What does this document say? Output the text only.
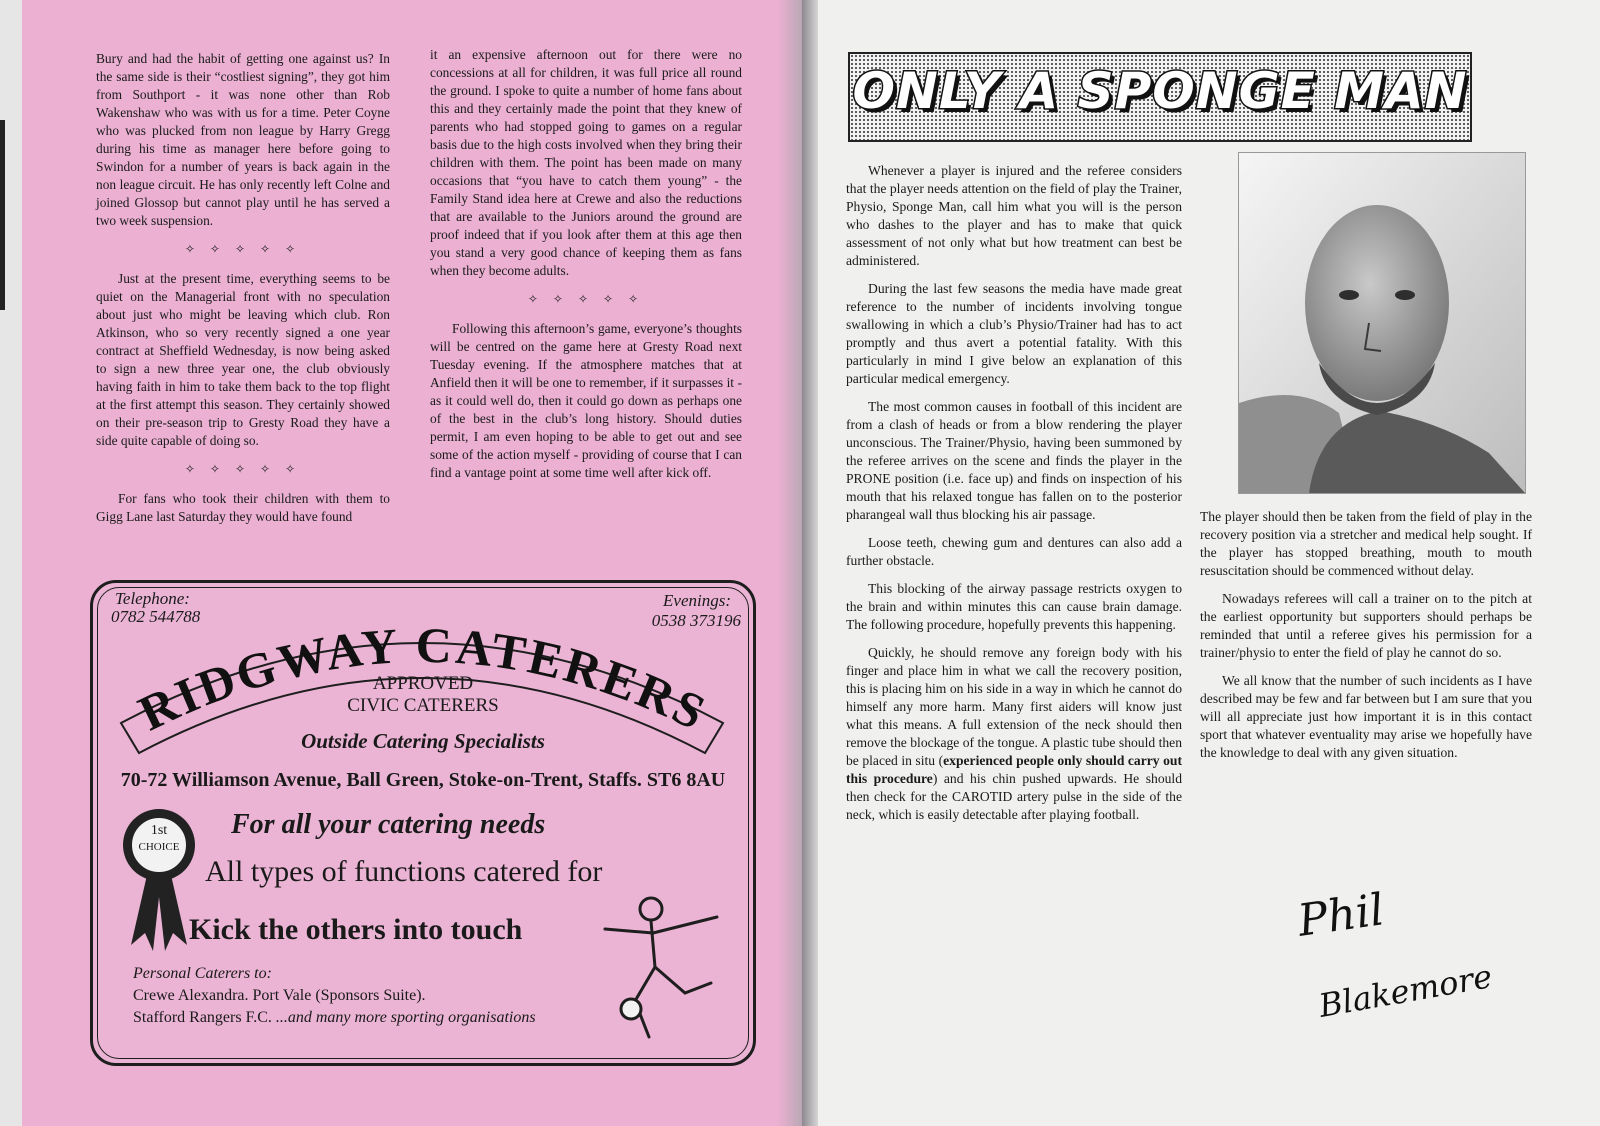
Bury and had the habit of getting one against us? In the same side is their “costliest signing”, they got him from Southport - it was none other than Rob Wakenshaw who was with us for a time. Peter Coyne who was plucked from non league by Harry Gregg during his time as manager here before going to Swindon for a number of years is back again in the non league circuit. He has only recently left Colne and joined Glossop but cannot play until he has served a two week suspension.

✧ ✧ ✧ ✧ ✧

Just at the present time, everything seems to be quiet on the Managerial front with no speculation about just who might be leaving which club. Ron Atkinson, who so very recently signed a one year contract at Sheffield Wednesday, is now being asked to sign a new three year one, the club obviously having faith in him to take them back to the top flight at the first attempt this season. They certainly showed on their pre-season trip to Gresty Road they have a side quite capable of doing so.

✧ ✧ ✧ ✧ ✧

For fans who took their children with them to Gigg Lane last Saturday they would have found

it an expensive afternoon out for there were no concessions at all for children, it was full price all round the ground. I spoke to quite a number of home fans about this and they certainly made the point that they knew of parents who had stopped going to games on a regular basis due to the high costs involved when they bring their children with them. The point has been made on many occasions that “you have to catch them young” - the Family Stand idea here at Crewe and also the reductions that are available to the Juniors around the ground are proof indeed that if you look after them at this age then you stand a very good chance of keeping them as fans when they become adults.

✧ ✧ ✧ ✧ ✧

Following this afternoon’s game, everyone’s thoughts will be centred on the game here at Gresty Road next Tuesday evening. If the atmosphere matches that at Anfield then it will be one to remember, if it surpasses it - as it could well do, then it could go down as perhaps one of the best in the club’s long history. Should duties permit, I am even hoping to be able to get out and see some of the action myself - providing of course that I can find a vantage point at some time well after kick off.

Telephone:
0782 544788
Evenings:
0538 373196
RIDGWAY CATERERS
APPROVED
CIVIC CATERERS
Outside Catering Specialists
70-72 Williamson Avenue, Ball Green, Stoke-on-Trent, Staffs. ST6 8AU
1st
CHOICE
For all your catering needs
All types of functions catered for
Kick the others into touch
Personal Caterers to:
Crewe Alexandra. Port Vale (Sponsors Suite).
Stafford Rangers F.C. ...and many more sporting organisations
ONLY A SPONGE MAN

Whenever a player is injured and the referee considers that the player needs attention on the field of play the Trainer, Physio, Sponge Man, call him what you will is the person who dashes to the player and has to make that quick assessment of not only what but how treatment can best be administered.

During the last few seasons the media have made great reference to the number of incidents involving tongue swallowing in which a club’s Physio/Trainer had has to act promptly and thus avert a potential fatality. With this particularly in mind I give below an explanation of this particular medical emergency.

The most common causes in football of this incident are from a clash of heads or from a blow rendering the player unconscious. The Trainer/Physio, having been summoned by the referee arrives on the scene and finds the player in the PRONE position (i.e. face up) and finds on inspection of his mouth that his relaxed tongue has fallen on to the posterior pharangeal wall thus blocking his air passage.

Loose teeth, chewing gum and dentures can also add a further obstacle.

This blocking of the airway passage restricts oxygen to the brain and within minutes this can cause brain damage. The following procedure, hopefully prevents this happening.

Quickly, he should remove any foreign body with his finger and place him in what we call the recovery position, this is placing him on his side in a way in which he cannot do himself any more harm. Many first aiders will know just what this means. A full extension of the neck should then remove the blockage of the tongue. A plastic tube should then be placed in situ (experienced people only should carry out this procedure) and his chin pushed upwards. He should then check for the CAROTID artery pulse in the side of the neck, which is easily detectable after playing football.

The player should then be taken from the field of play in the recovery position via a stretcher and medical help sought. If the player has stopped breathing, mouth to mouth resuscitation should be commenced without delay.

Nowadays referees will call a trainer on to the pitch at the earliest opportunity but supporters should perhaps be reminded that until a referee gives his permission for a trainer/physio to enter the field of play he cannot do so.

We all know that the number of such incidents as I have described may be few and far between but I am sure that you will all appreciate just how important it is in this contact sport that whatever eventuality may arise we hopefully have the knowledge to deal with any given situation.

Phil
Blakemore
